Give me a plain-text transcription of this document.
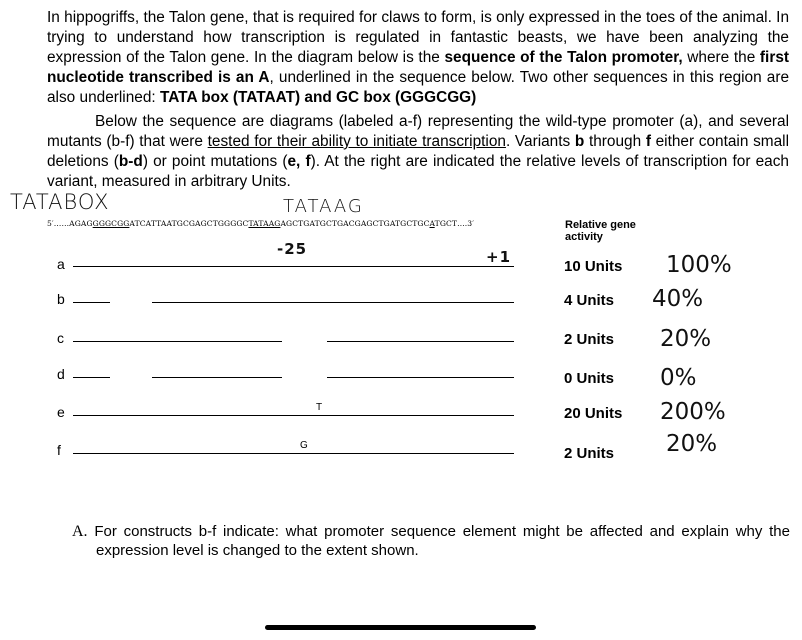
In hippogriffs, the Talon gene, that is required for claws to form, is only expressed in the toes of the animal. In trying to understand how transcription is regulated in fantastic beasts, we have been analyzing the expression of the Talon gene. In the diagram below is the sequence of the Talon promoter, where the first nucleotide transcribed is an A, underlined in the sequence below. Two other sequences in this region are also underlined: TATA box (TATAAT) and GC box (GGGCGG)
Below the sequence are diagrams (labeled a-f) representing the wild-type promoter (a), and several mutants (b-f) that were tested for their ability to initiate transcription. Variants b through f either contain small deletions (b-d) or point mutations (e, f). At the right are indicated the relative levels of transcription for each variant, measured in arbitrary Units.
TATABOX	TATAAG
-25	+1
5′……AGAGGGGCGGATCATTAATGCGAGCTGGGGCTATAAGAGCTGATGCTGACGAGCTGATGCTGCATGCT….3′	Relative gene
activity
a	10 Units 100%
b	4 Units 40%
c	2 Units 20%
d	0 Units 0%
e	T	20 Units 200%
f	G	2 Units 20%
A. For constructs b-f indicate: what promoter sequence element might be affected and explain why the expression level is changed to the extent shown.
